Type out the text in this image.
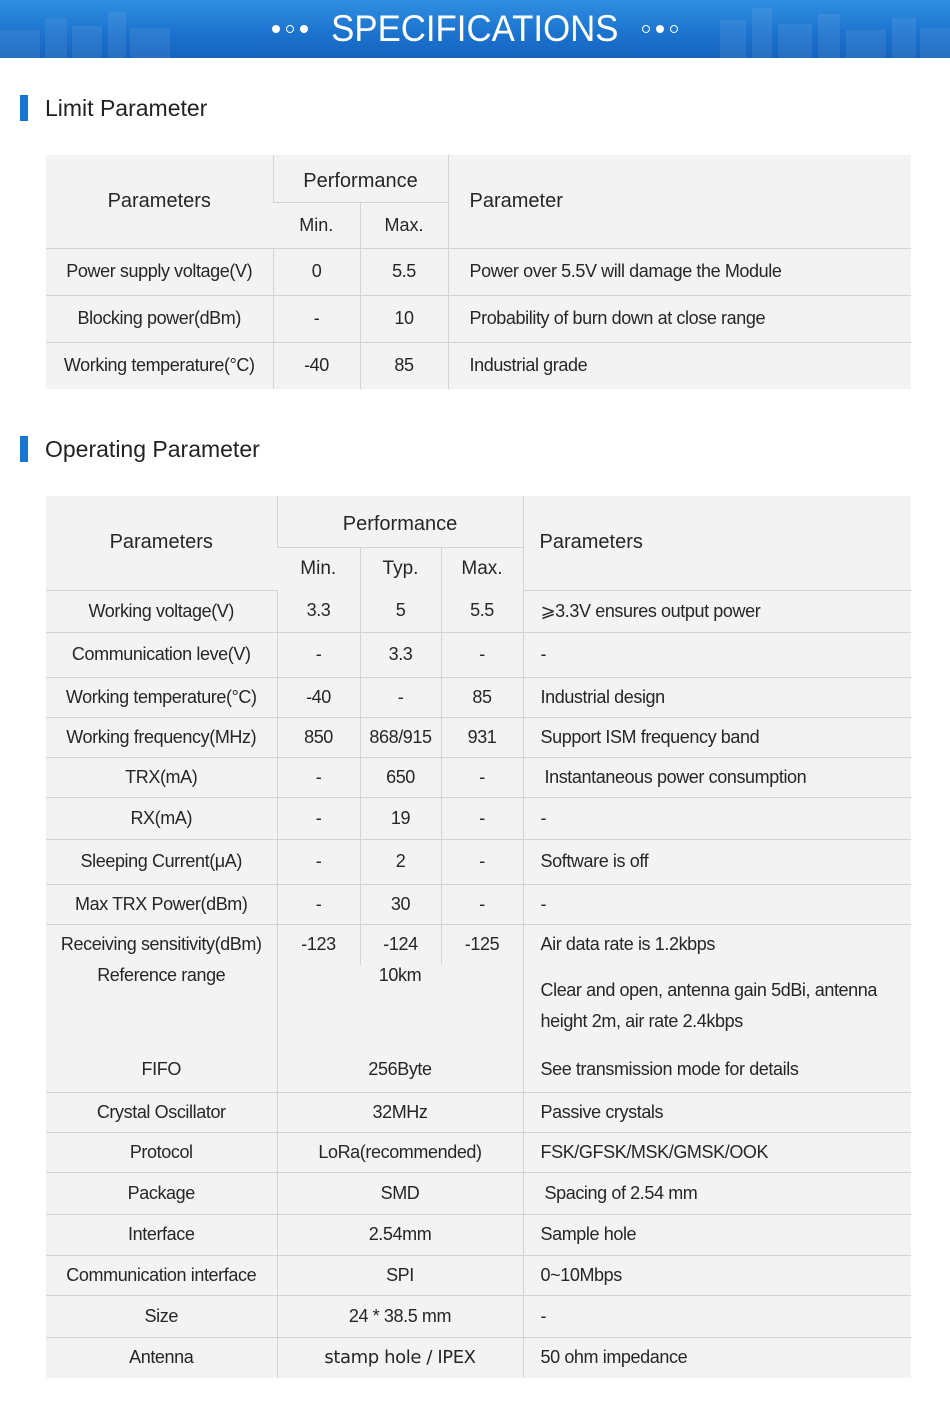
SPECIFICATIONS
Limit Parameter
Parameters	Performance		Parameter
	Min.	Max.	
Power supply voltage(V)	0	5.5	Power over 5.5V will damage the Module
Blocking power(dBm)	-	10	Probability of burn down at close range
Working temperature(°C)	-40	85	Industrial grade
Operating Parameter
Parameters	Performance			Parameters
	Min.	Typ.	Max.	
Working voltage(V)	3.3	5	5.5	⩾3.3V ensures output power
Communication leve(V)	-	3.3	-	-
Working temperature(°C)	-40	-	85	Industrial design
Working frequency(MHz)	850	868/915	931	Support ISM frequency band
TRX(mA)	-	650	-	Instantaneous power consumption
RX(mA)	-	19	-	-
Sleeping Current(μA)	-	2	-	Software is off
Max TRX Power(dBm)	-	30	-	-
Receiving sensitivity(dBm)	-123	-124	-125	Air data rate is 1.2kbps
Reference range	10km			Clear and open, antenna gain 5dBi, antenna height 2m, air rate 2.4kbps
FIFO	256Byte			See transmission mode for details
Crystal Oscillator	32MHz			Passive crystals
Protocol	LoRa(recommended)			FSK/GFSK/MSK/GMSK/OOK
Package	SMD			Spacing of 2.54 mm
Interface	2.54mm			Sample hole
Communication interface	SPI			0~10Mbps
Size	24 * 38.5 mm			-
Antenna	stamp hole / IPEX			50 ohm impedance
